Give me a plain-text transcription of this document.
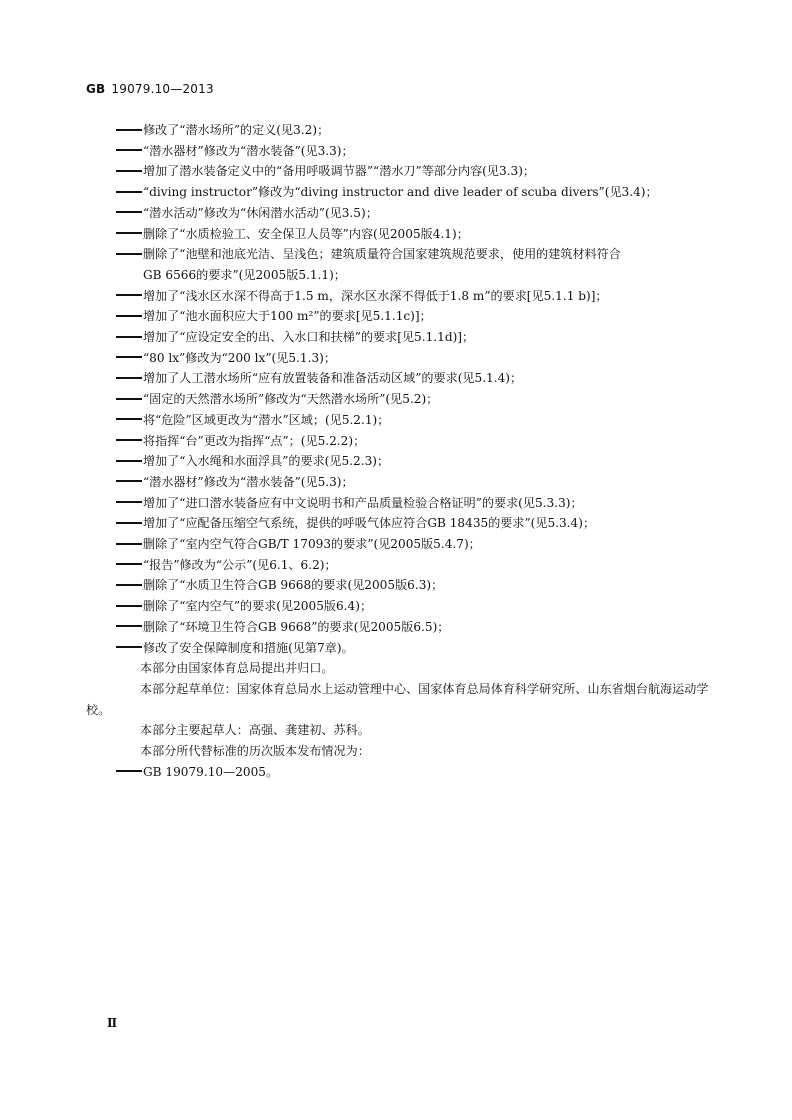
GB 19079.10—2013

修改了“潜水场所”的定义(见3.2)；

“潜水器材”修改为“潜水装备”(见3.3)；

增加了潜水装备定义中的“备用呼吸调节器”“潜水刀”等部分内容(见3.3)；

“diving instructor”修改为“diving instructor and dive leader of scuba divers”(见3.4)；

“潜水活动”修改为“休闲潜水活动”(见3.5)；

删除了“水质检验工、安全保卫人员等”内容(见2005版4.1)；

删除了“池壁和池底光洁、呈浅色；建筑质量符合国家建筑规范要求，使用的建筑材料符合
GB 6566的要求”(见2005版5.1.1)；

增加了“浅水区水深不得高于1.5 m，深水区水深不得低于1.8 m”的要求[见5.1.1 b)]；

增加了“池水面积应大于100 m²”的要求[见5.1.1c)]；

增加了“应设定安全的出、入水口和扶梯”的要求[见5.1.1d)]；

“80 lx”修改为“200 lx”(见5.1.3)；

增加了人工潜水场所“应有放置装备和准备活动区域”的要求(见5.1.4)；

“固定的天然潜水场所”修改为“天然潜水场所”(见5.2)；

将“危险”区域更改为“潜水”区域；(见5.2.1)；

将指挥“台”更改为指挥“点”；(见5.2.2)；

增加了“入水绳和水面浮具”的要求(见5.2.3)；

“潜水器材”修改为“潜水装备”(见5.3)；

增加了“进口潜水装备应有中文说明书和产品质量检验合格证明”的要求(见5.3.3)；

增加了“应配备压缩空气系统，提供的呼吸气体应符合GB 18435的要求”(见5.3.4)；

删除了“室内空气符合GB/T 17093的要求”(见2005版5.4.7)；

“报告”修改为“公示”(见6.1、6.2)；

删除了“水质卫生符合GB 9668的要求(见2005版6.3)；

删除了“室内空气”的要求(见2005版6.4)；

删除了“环境卫生符合GB 9668”的要求(见2005版6.5)；

修改了安全保障制度和措施(见第7章)。

本部分由国家体育总局提出并归口。

本部分起草单位：国家体育总局水上运动管理中心、国家体育总局体育科学研究所、山东省烟台航海运动学校。

本部分主要起草人：高强、龚建初、苏科。

本部分所代替标准的历次版本发布情况为：

GB 19079.10—2005。

Ⅱ
